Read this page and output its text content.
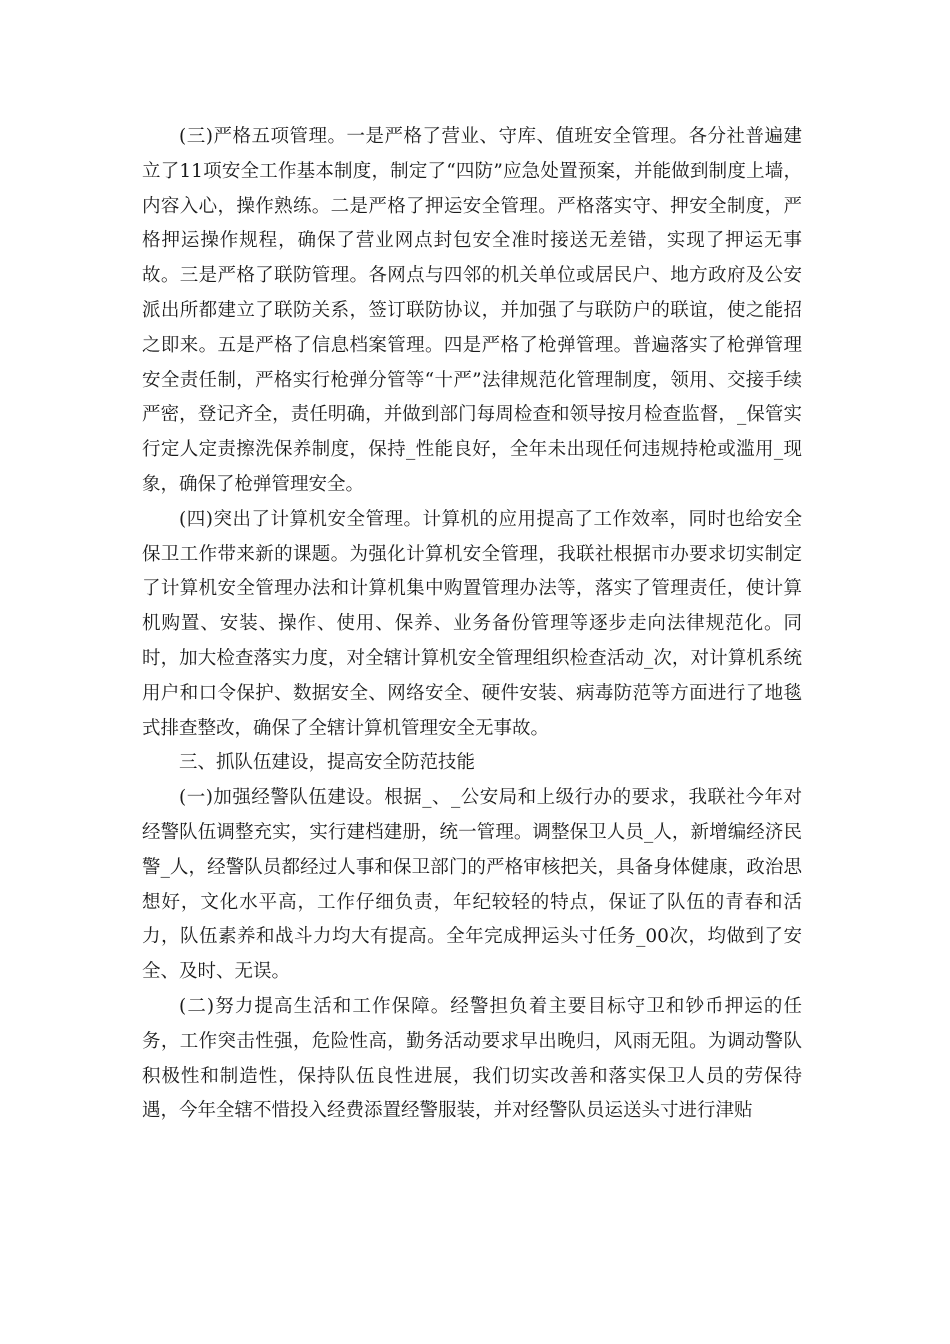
(三)严格五项管理。一是严格了营业、守库、值班安全管理。各分社普遍建立了11项安全工作基本制度，制定了“四防”应急处置预案，并能做到制度上墙，内容入心，操作熟练。二是严格了押运安全管理。严格落实守、押安全制度，严格押运操作规程，确保了营业网点封包安全准时接送无差错，实现了押运无事故。三是严格了联防管理。各网点与四邻的机关单位或居民户、地方政府及公安派出所都建立了联防关系，签订联防协议，并加强了与联防户的联谊，使之能招之即来。五是严格了信息档案管理。四是严格了枪弹管理。普遍落实了枪弹管理安全责任制，严格实行枪弹分管等“十严”法律规范化管理制度，领用、交接手续严密，登记齐全，责任明确，并做到部门每周检查和领导按月检查监督，_保管实行定人定责擦洗保养制度，保持_性能良好，全年未出现任何违规持枪或滥用_现象，确保了枪弹管理安全。

(四)突出了计算机安全管理。计算机的应用提高了工作效率，同时也给安全保卫工作带来新的课题。为强化计算机安全管理，我联社根据市办要求切实制定了计算机安全管理办法和计算机集中购置管理办法等，落实了管理责任，使计算机购置、安装、操作、使用、保养、业务备份管理等逐步走向法律规范化。同时，加大检查落实力度，对全辖计算机安全管理组织检查活动_次，对计算机系统用户和口令保护、数据安全、网络安全、硬件安装、病毒防范等方面进行了地毯式排查整改，确保了全辖计算机管理安全无事故。

三、抓队伍建设，提高安全防范技能

(一)加强经警队伍建设。根据_、_公安局和上级行办的要求，我联社今年对经警队伍调整充实，实行建档建册，统一管理。调整保卫人员_人，新增编经济民警_人，经警队员都经过人事和保卫部门的严格审核把关，具备身体健康，政治思想好，文化水平高，工作仔细负责，年纪较轻的特点，保证了队伍的青春和活力，队伍素养和战斗力均大有提高。全年完成押运头寸任务_00次，均做到了安全、及时、无误。

(二)努力提高生活和工作保障。经警担负着主要目标守卫和钞币押运的任务，工作突击性强，危险性高，勤务活动要求早出晚归，风雨无阻。为调动警队积极性和制造性，保持队伍良性进展，我们切实改善和落实保卫人员的劳保待遇，今年全辖不惜投入经费添置经警服装，并对经警队员运送头寸进行津贴
